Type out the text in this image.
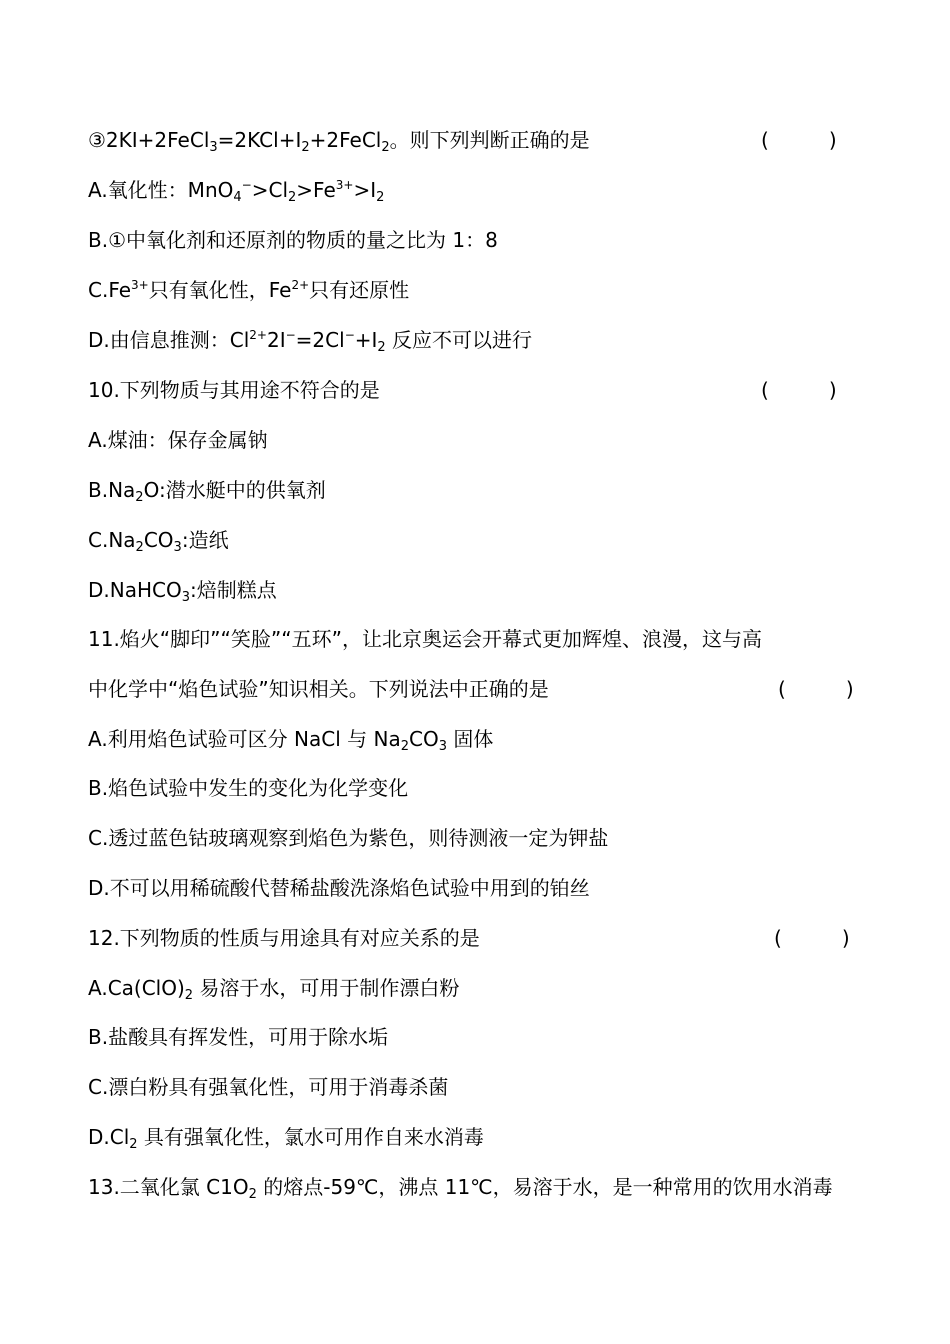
$③2KI+2FeCl_3=2KCl+I_2+2FeCl_2$。则下列判断正确的是	(	)
A.氧化性：$MnO_4^->Cl_2>Fe^{3+}>I_2$
B.①中氧化剂和还原剂的物质的量之比为 1：8
$C.Fe^{3+}$只有氧化性，$Fe^{2+}$只有还原性
D.由信息推测：$Cl^{2+}2I^-=2Cl^-+I_2$ 反应不可以进行
10.下列物质与其用途不符合的是	(	)
A.煤油：保存金属钠
$B.Na_2O$:潜水艇中的供氧剂
$C.Na_2CO_3$:造纸
D.NaHCO$_3$:焙制糕点
11.焰火“脚印”“笑脸”“五环”，让北京奥运会开幕式更加辉煌、浪漫，这与高
中化学中“焰色试验”知识相关。下列说法中正确的是	(	)
A.利用焰色试验可区分 NaCl 与 $Na_2CO_3$ 固体
B.焰色试验中发生的变化为化学变化
C.透过蓝色钴玻璃观察到焰色为紫色，则待测液一定为钾盐
D.不可以用稀硫酸代替稀盐酸洗涤焰色试验中用到的铂丝
12.下列物质的性质与用途具有对应关系的是	(	)
$A.Ca(ClO)_2$ 易溶于水，可用于制作漂白粉
B.盐酸具有挥发性，可用于除水垢
C.漂白粉具有强氧化性，可用于消毒杀菌
$D.Cl_2$ 具有强氧化性，氯水可用作自来水消毒
13.二氧化氯 $C1O_2$ 的熔点-59℃，沸点 11℃，易溶于水，是一种常用的饮用水消毒
